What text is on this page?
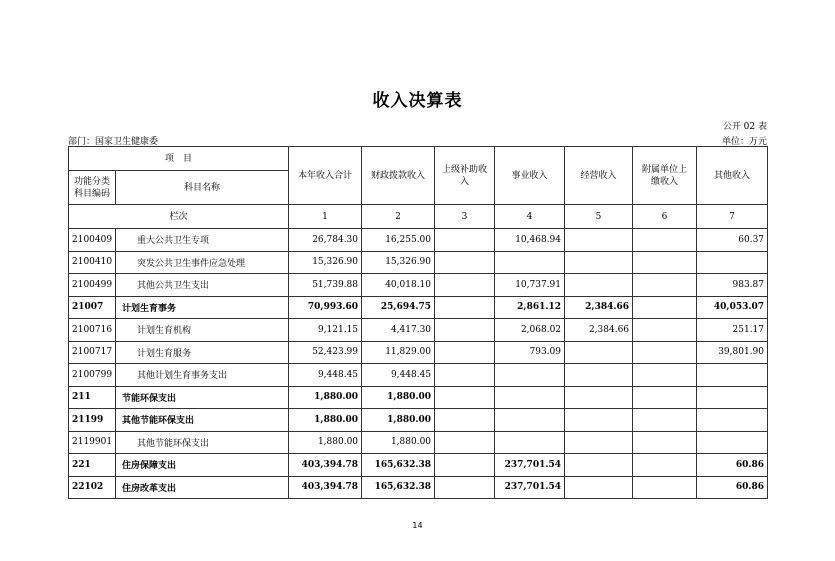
收入决算表
公开 02 表
部门：国家卫生健康委	单位：万元
项　目		本年收入合计	财政拨款收入	上级补助收入	事业收入	经营收入	附属单位上缴收入	其他收入
功能分类科目编码	科目名称							
栏次		1	2	3	4	5	6	7
2100409	重大公共卫生专项	26,784.30	16,255.00		10,468.94			60.37
2100410	突发公共卫生事件应急处理	15,326.90	15,326.90					
2100499	其他公共卫生支出	51,739.88	40,018.10		10,737.91			983.87
21007	计划生育事务	70,993.60	25,694.75		2,861.12	2,384.66		40,053.07
2100716	计划生育机构	9,121.15	4,417.30		2,068.02	2,384.66		251.17
2100717	计划生育服务	52,423.99	11,829.00		793.09			39,801.90
2100799	其他计划生育事务支出	9,448.45	9,448.45					
211	节能环保支出	1,880.00	1,880.00					
21199	其他节能环保支出	1,880.00	1,880.00					
2119901	其他节能环保支出	1,880.00	1,880.00					
221	住房保障支出	403,394.78	165,632.38		237,701.54			60.86
22102	住房改革支出	403,394.78	165,632.38		237,701.54			60.86
14
